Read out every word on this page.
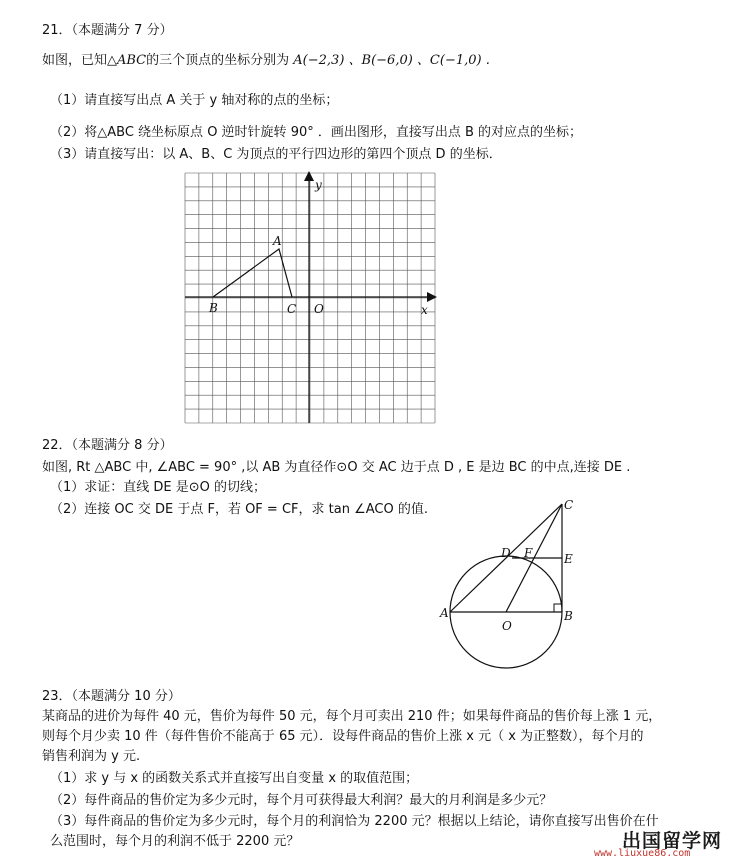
21．（本题满分 7 分）
如图，已知△ABC的三个顶点的坐标分别为 A(−2,3) 、B(−6,0) 、C(−1,0) .
（1）请直接写出点 A 关于 y 轴对称的点的坐标；
（2）将△ABC 绕坐标原点 O 逆时针旋转 90° ．画出图形，直接写出点 B 的对应点的坐标；
（3）请直接写出：以 A、B、C 为顶点的平行四边形的第四个顶点 D 的坐标．
y
x
A
B	C O
22．（本题满分 8 分）
如图, Rt △ABC 中, ∠ABC = 90° ,以 AB 为直径作⊙O 交 AC 边于点 D , E 是边 BC 的中点,连接 DE .
（1）求证：直线 DE 是⊙O 的切线；
（2）连接 OC 交 DE 于点 F，若 OF = CF，求 tan ∠ACO 的值.	C
D F	E
A	B
O
23．（本题满分 10 分）
某商品的进价为每件 40 元，售价为每件 50 元，每个月可卖出 210 件；如果每件商品的售价每上涨 1 元，
则每个月少卖 10 件（每件售价不能高于 65 元）．设每件商品的售价上涨 x 元（ x 为正整数），每个月的
销售利润为 y 元.
（1）求 y 与 x 的函数关系式并直接写出自变量 x 的取值范围；
（2）每件商品的售价定为多少元时，每个月可获得最大利润？最大的月利润是多少元？
（3）每件商品的售价定为多少元时，每个月的利润恰为 2200 元？根据以上结论，请你直接写出售价在什
么范围时，每个月的利润不低于 2200 元？	出国留学网
www.liuxue86.com
